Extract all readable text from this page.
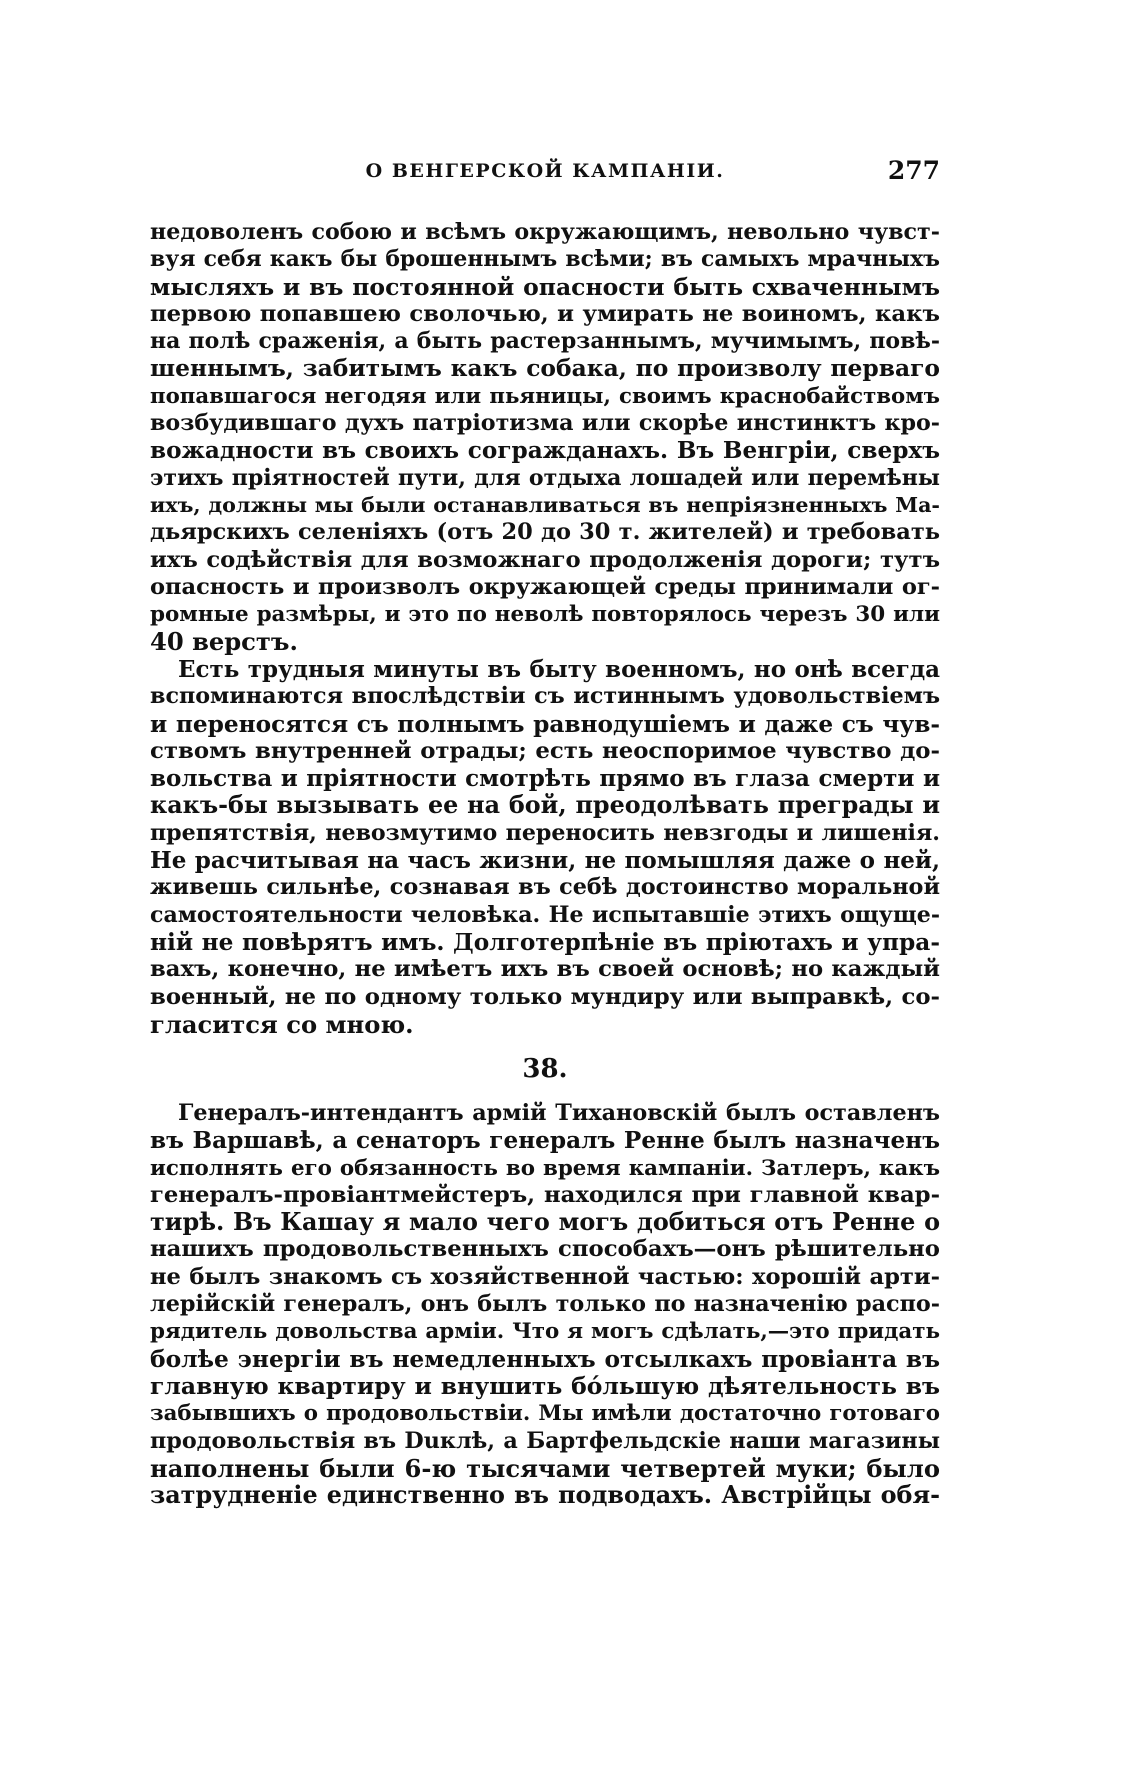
О ВЕНГЕРСКОЙ КАМПАНІИ.	277
недоволенъ собою и всѣмъ окружающимъ, невольно чувст-
вуя себя какъ бы брошеннымъ всѣми; въ самыхъ мрачныхъ
мысляхъ и въ постоянной опасности быть схваченнымъ
первою попавшею сволочью, и умирать не воиномъ, какъ
на полѣ сраженія, а быть растерзаннымъ, мучимымъ, повѣ-
шеннымъ, забитымъ какъ собака, по произволу перваго
попавшагося негодяя или пьяницы, своимъ краснобайствомъ
возбудившаго духъ патріотизма или скорѣе инстинктъ кро-
вожадности въ своихъ согражданахъ. Въ Венгріи, сверхъ
этихъ пріятностей пути, для отдыха лошадей или перемѣны
ихъ, должны мы были останавливаться въ непріязненныхъ Ма-
дьярскихъ селеніяхъ (отъ 20 до 30 т. жителей) и требовать
ихъ содѣйствія для возможнаго продолженія дороги; тутъ
опасность и произволъ окружающей среды принимали ог-
ромные размѣры, и это по неволѣ повторялось черезъ 30 или
40 верстъ.
Есть трудныя минуты въ быту военномъ, но онѣ всегда
вспоминаются впослѣдствіи съ истиннымъ удовольствіемъ
и переносятся съ полнымъ равнодушіемъ и даже съ чув-
ствомъ внутренней отрады; есть неоспоримое чувство до-
вольства и пріятности смотрѣть прямо въ глаза смерти и
какъ-бы вызывать ее на бой, преодолѣвать преграды и
препятствія, невозмутимо переносить невзгоды и лишенія.
Не расчитывая на часъ жизни, не помышляя даже о ней,
живешь сильнѣе, сознавая въ себѣ достоинство моральной
самостоятельности человѣка. Не испытавшіе этихъ ощуще-
ній не повѣрятъ имъ. Долготерпѣніе въ пріютахъ и упра-
вахъ, конечно, не имѣетъ ихъ въ своей основѣ; но каждый
военный, не по одному только мундиру или выправкѣ, со-
гласится со мною.
38.
Генералъ-интендантъ армій Тихановскій былъ оставленъ
въ Варшавѣ, а сенаторъ генералъ Ренне былъ назначенъ
исполнять его обязанность во время кампаніи. Затлеръ, какъ
генералъ-провіантмейстеръ, находился при главной квар-
тирѣ. Въ Кашау я мало чего могъ добиться отъ Ренне о
нашихъ продовольственныхъ способахъ—онъ рѣшительно
не былъ знакомъ съ хозяйственной частью: хорошій арти-
лерійскій генералъ, онъ былъ только по назначенію распо-
рядитель довольства арміи. Что я могъ сдѣлать,—это придать
болѣе энергіи въ немедленныхъ отсылкахъ провіанта въ
главную квартиру и внушить бóльшую дѣятельность въ
забывшихъ о продовольствіи. Мы имѣли достаточно готоваго
продовольствія въ Duклѣ, а Бартфельдскіе наши магазины
наполнены были 6-ю тысячами четвертей муки; было
затрудненіе единственно въ подводахъ. Австрійцы обя-
